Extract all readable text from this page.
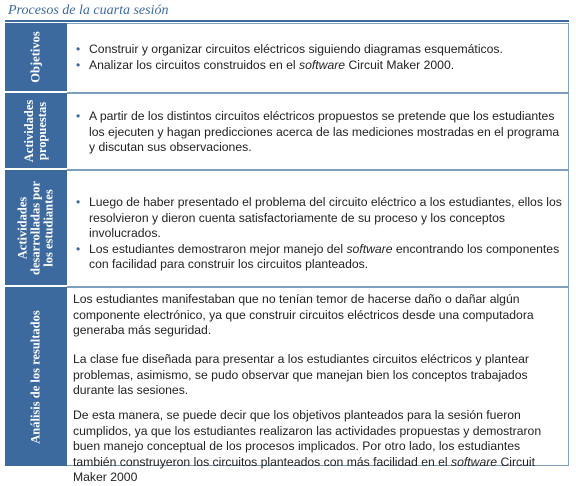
Procesos de la cuarta sesión
Objetivos	• Construir y organizar circuitos eléctricos siguiendo diagramas esquemáticos.
• Analizar los circuitos construidos en el software Circuit Maker 2000.
Actividades
propuestas • A partir de los distintos circuitos eléctricos propuestos se pretende que los estudiantes los ejecuten y hagan predicciones acerca de las mediciones mostradas en el programa y discutan sus observaciones.
Actividades
desarrolladas por
los estudiantes • Luego de haber presentado el problema del circuito eléctrico a los estudiantes, ellos los resolvieron y dieron cuenta satisfactoriamente de su proceso y los conceptos involucrados.
• Los estudiantes demostraron mejor manejo del software encontrando los componentes con facilidad para construir los circuitos planteados.
Análisis de los resultados

Los estudiantes manifestaban que no tenían temor de hacerse daño o dañar algún componente electrónico, ya que construir circuitos eléctricos desde una computadora generaba más seguridad.

La clase fue diseñada para presentar a los estudiantes circuitos eléctricos y plantear problemas, asimismo, se pudo observar que manejan bien los conceptos trabajados durante las sesiones.

De esta manera, se puede decir que los objetivos planteados para la sesión fueron cumplidos, ya que los estudiantes realizaron las actividades propuestas y demostraron buen manejo conceptual de los procesos implicados. Por otro lado, los estudiantes también construyeron los circuitos planteados con más facilidad en el software Circuit Maker 2000
